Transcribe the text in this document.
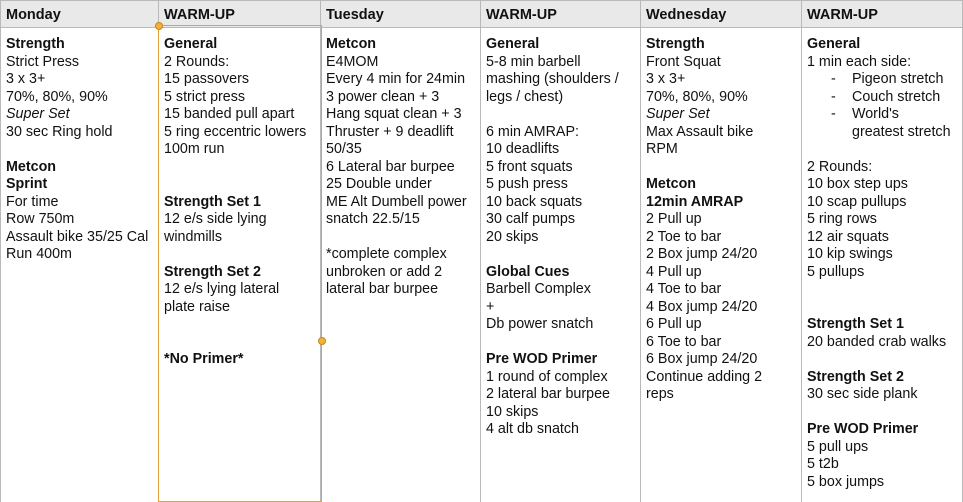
Monday
Strength
Strict Press
3 x 3+
70%, 80%, 90%
Super Set
30 sec Ring hold
Metcon
Sprint
For time
Row 750m
Assault bike 35/25 Cal
Run 400m
WARM-UP
General
2 Rounds:
15 passovers
5 strict press
15 banded pull apart
5 ring eccentric lowers
100m run
Strength Set 1
12 e/s side lying
windmills
Strength Set 2
12 e/s lying lateral
plate raise
*No Primer*
Tuesday
Metcon
E4MOM
Every 4 min for 24min
3 power clean + 3
Hang squat clean + 3
Thruster + 9 deadlift
50/35
6 Lateral bar burpee
25 Double under
ME Alt Dumbell power
snatch 22.5/15
*complete complex
unbroken or add 2
lateral bar burpee
WARM-UP
General
5-8 min barbell
mashing (shoulders /
legs / chest)
6 min AMRAP:
10 deadlifts
5 front squats
5 push press
10 back squats
30 calf pumps
20 skips
Global Cues
Barbell Complex
+
Db power snatch
Pre WOD Primer
1 round of complex
2 lateral bar burpee
10 skips
4 alt db snatch
Wednesday
Strength
Front Squat
3 x 3+
70%, 80%, 90%
Super Set
Max Assault bike
RPM
Metcon
12min AMRAP
2 Pull up
2 Toe to bar
2 Box jump 24/20
4 Pull up
4 Toe to bar
4 Box jump 24/20
6 Pull up
6 Toe to bar
6 Box jump 24/20
Continue adding 2
reps
WARM-UP
General
1 min each side:
- Pigeon stretch
- Couch stretch
- World's
greatest stretch
2 Rounds:
10 box step ups
10 scap pullups
5 ring rows
12 air squats
10 kip swings
5 pullups
Strength Set 1
20 banded crab walks
Strength Set 2
30 sec side plank
Pre WOD Primer
5 pull ups
5 t2b
5 box jumps
